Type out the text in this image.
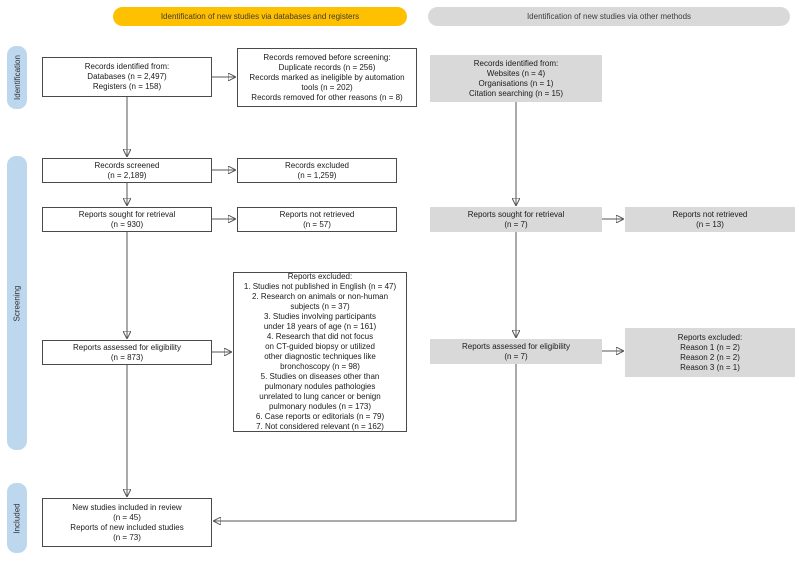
Identification of new studies via databases and registers	Identification of new studies via other methods
Identification
Screening
Included
Records identified from:
Databases (n = 2,497)
Registers (n = 158)
Records removed before screening:
Duplicate records (n = 256)
Records marked as ineligible by automation
tools (n = 202)
Records removed for other reasons (n = 8)
Records screened
(n = 2,189)
Records excluded
(n = 1,259)
Reports sought for retrieval
(n = 930)
Reports not retrieved
(n = 57)
Reports assessed for eligibility
(n = 873)
Reports excluded:
1. Studies not published in English (n = 47)
2. Research on animals or non-human
subjects (n = 37)
3. Studies involving participants
under 18 years of age (n = 161)
4. Research that did not focus
on CT-guided biopsy or utilized
other diagnostic techniques like
bronchoscopy (n = 98)
5. Studies on diseases other than
pulmonary nodules pathologies
unrelated to lung cancer or benign
pulmonary nodules (n = 173)
6. Case reports or editorials (n = 79)
7. Not considered relevant (n = 162)
New studies included in review
(n = 45)
Reports of new included studies
(n = 73)
Records identified from:
Websites (n = 4)
Organisations (n = 1)
Citation searching (n = 15)
Reports sought for retrieval
(n = 7)
Reports not retrieved
(n = 13)
Reports assessed for eligibility
(n = 7)
Reports excluded:
Reason 1 (n = 2)
Reason 2 (n = 2)
Reason 3 (n = 1)
